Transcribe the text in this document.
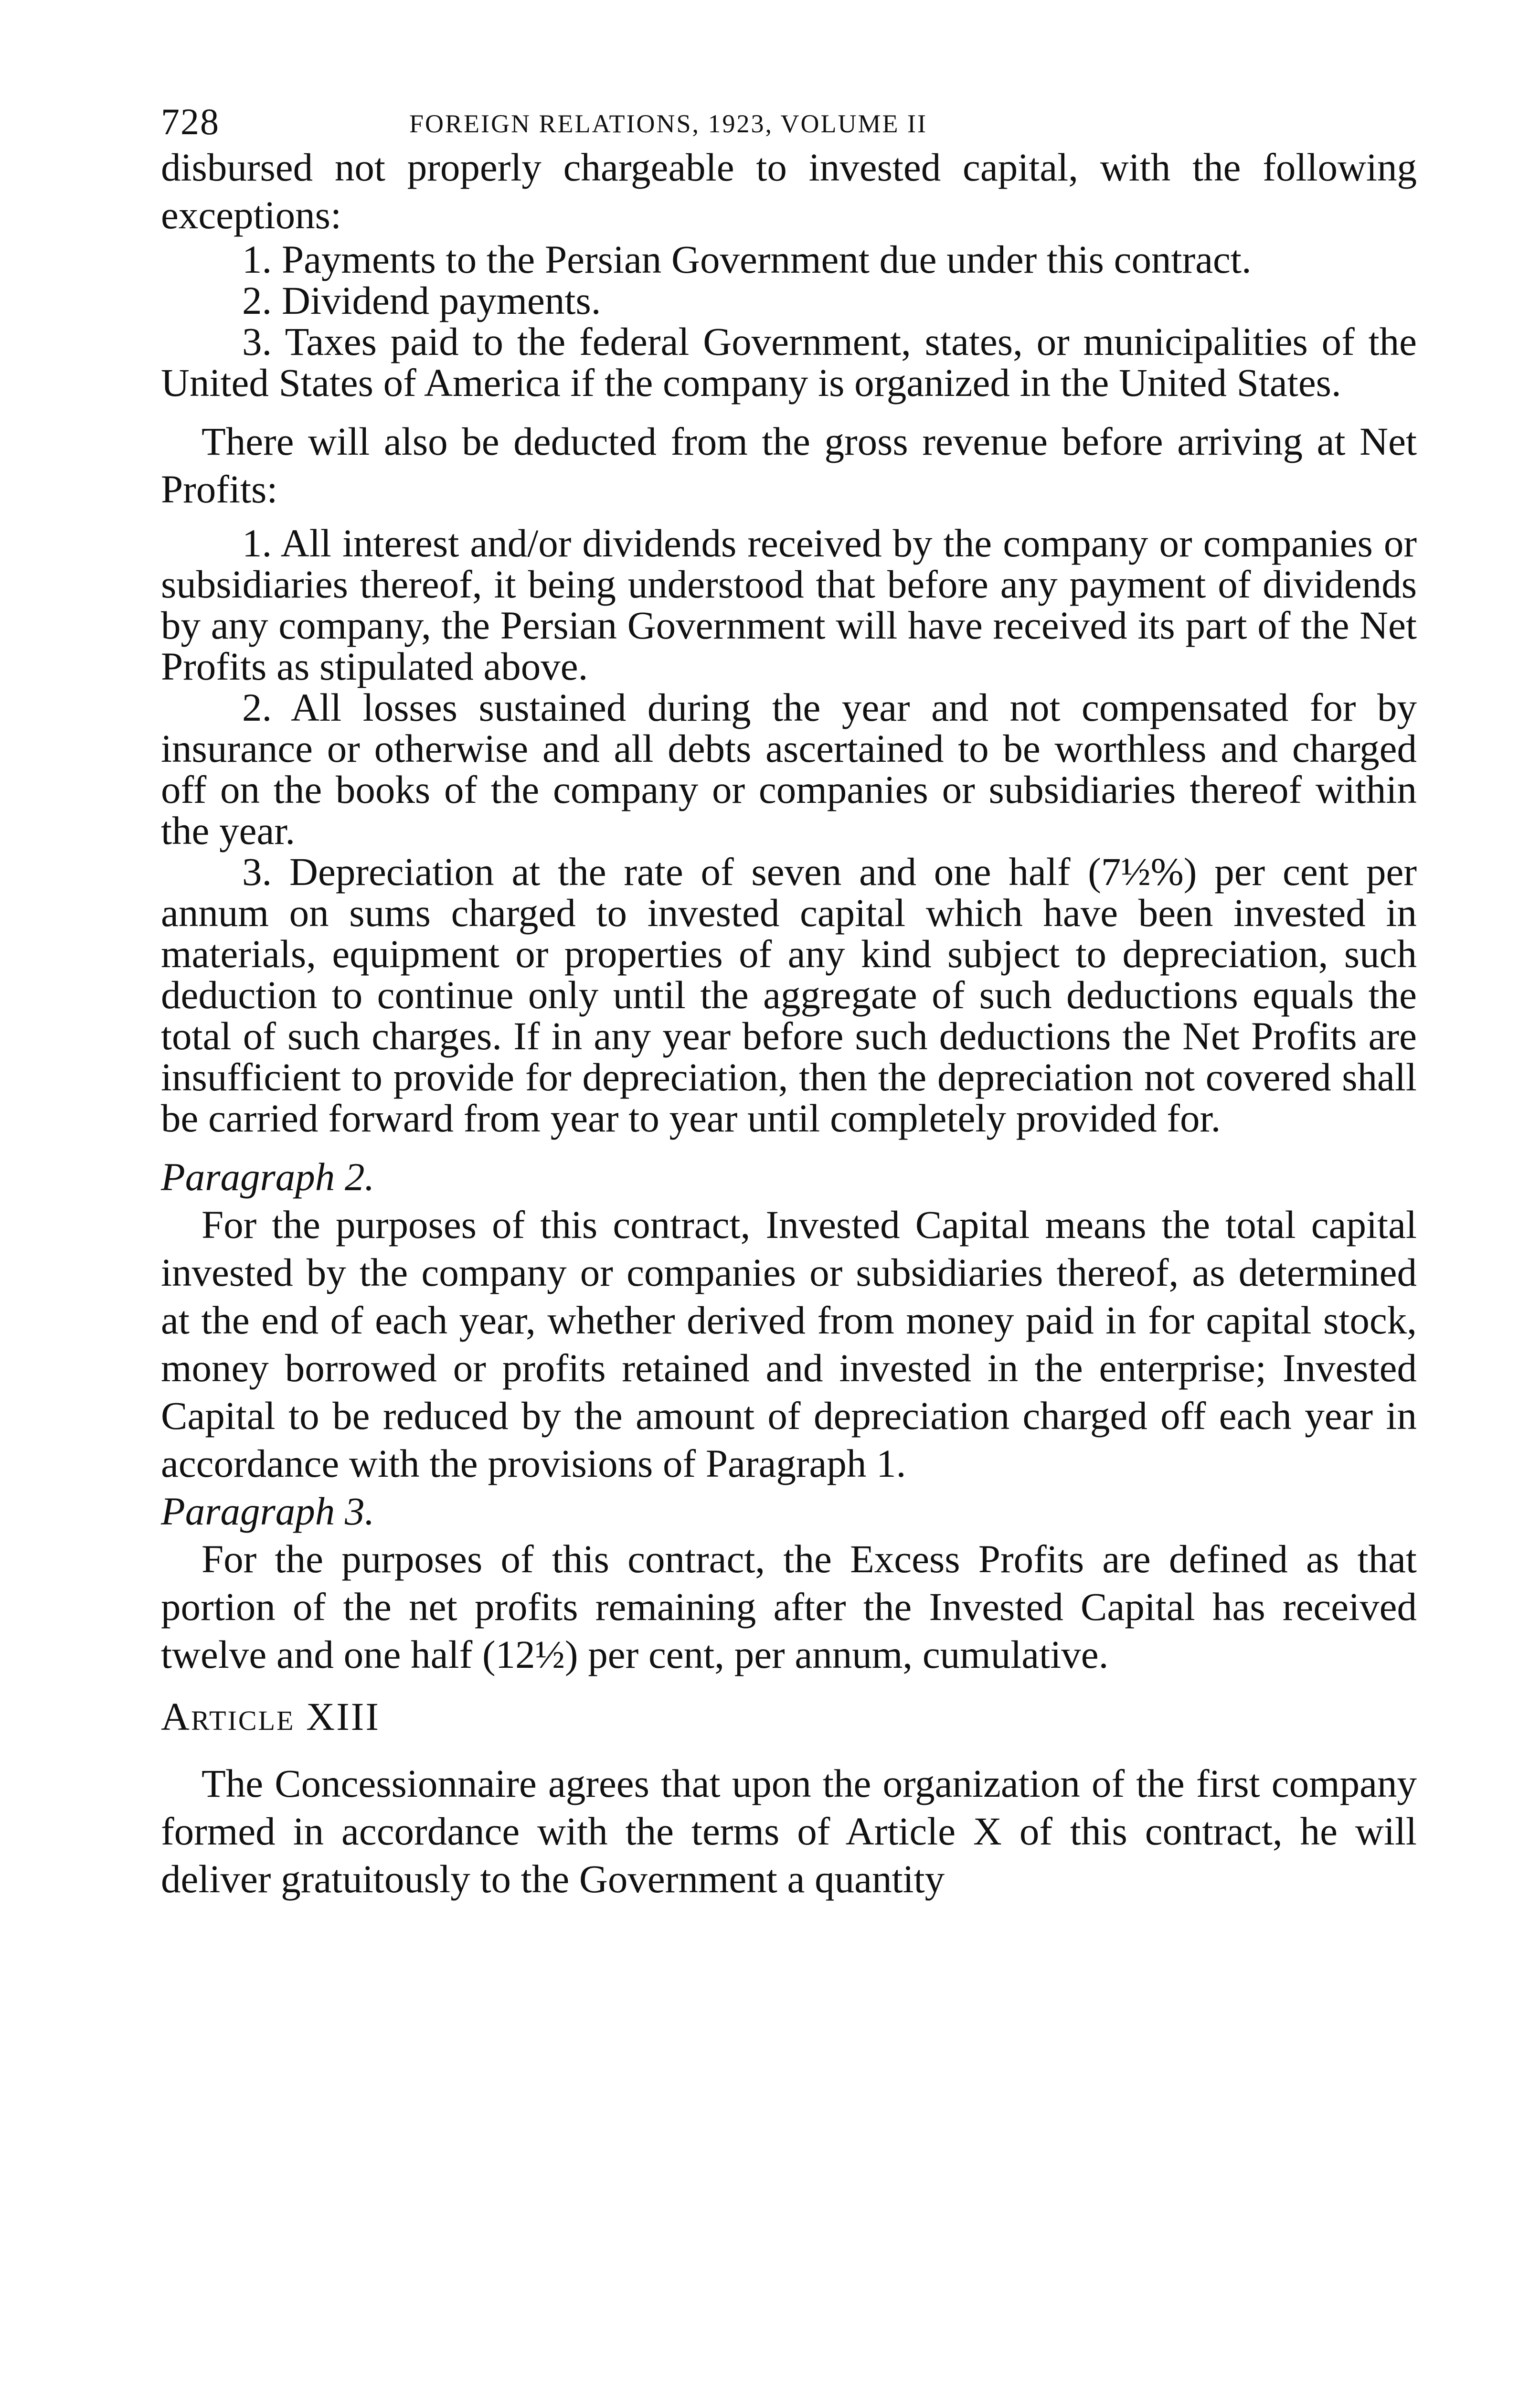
728	FOREIGN RELATIONS, 1923, VOLUME II

disbursed not properly chargeable to invested capital, with the following exceptions:

1. Payments to the Persian Government due under this contract.

2. Dividend payments.

3. Taxes paid to the federal Government, states, or municipalities of the United States of America if the company is organized in the United States.

There will also be deducted from the gross revenue before arriving at Net Profits:

1. All interest and/or dividends received by the company or companies or subsidiaries thereof, it being understood that before any payment of dividends by any company, the Persian Government will have received its part of the Net Profits as stipulated above.

2. All losses sustained during the year and not compensated for by insurance or otherwise and all debts ascertained to be worthless and charged off on the books of the company or companies or subsidiaries thereof within the year.

3. Depreciation at the rate of seven and one half (7½%) per cent per annum on sums charged to invested capital which have been invested in materials, equipment or properties of any kind subject to depreciation, such deduction to continue only until the aggregate of such deductions equals the total of such charges. If in any year before such deductions the Net Profits are insufficient to provide for depreciation, then the depreciation not covered shall be carried forward from year to year until completely provided for.

Paragraph 2.

For the purposes of this contract, Invested Capital means the total capital invested by the company or companies or subsidiaries thereof, as determined at the end of each year, whether derived from money paid in for capital stock, money borrowed or profits retained and invested in the enterprise; Invested Capital to be reduced by the amount of depreciation charged off each year in accordance with the provisions of Paragraph 1.

Paragraph 3.

For the purposes of this contract, the Excess Profits are defined as that portion of the net profits remaining after the Invested Capital has received twelve and one half (12½) per cent, per annum, cumulative.

Article XIII

The Concessionnaire agrees that upon the organization of the first company formed in accordance with the terms of Article X of this contract, he will deliver gratuitously to the Government a quantity
